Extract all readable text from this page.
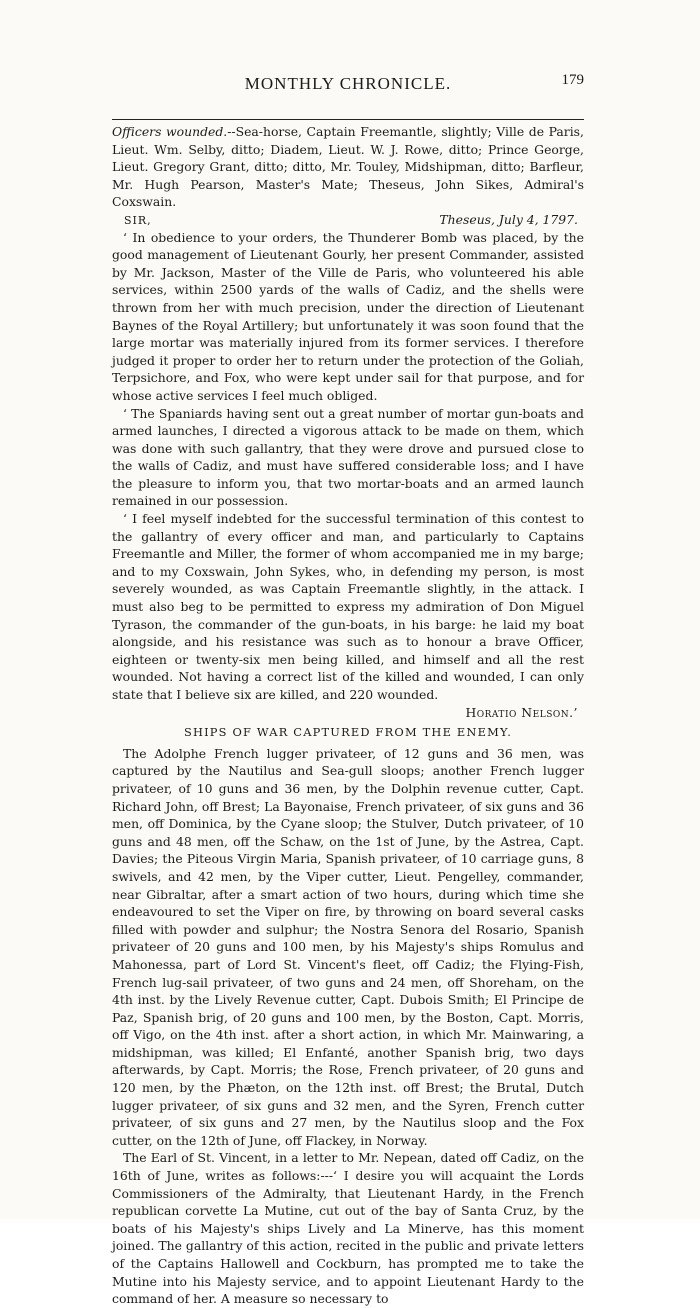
MONTHLY CHRONICLE.	179

Officers wounded.--Sea-horse, Captain Freemantle, slightly; Ville de Paris, Lieut. Wm. Selby, ditto; Diadem, Lieut. W. J. Rowe, ditto; Prince George, Lieut. Gregory Grant, ditto; ditto, Mr. Touley, Midshipman, ditto; Barfleur, Mr. Hugh Pearson, Master's Mate; Theseus, John Sikes, Admiral's Coxswain.

SIR,	Theseus, July 4, 1797.

‘ In obedience to your orders, the Thunderer Bomb was placed, by the good management of Lieutenant Gourly, her present Commander, assisted by Mr. Jackson, Master of the Ville de Paris, who volunteered his able services, within 2500 yards of the walls of Cadiz, and the shells were thrown from her with much precision, under the direction of Lieutenant Baynes of the Royal Artillery; but unfortunately it was soon found that the large mortar was materially injured from its former services. I therefore judged it proper to order her to return under the protection of the Goliah, Terpsichore, and Fox, who were kept under sail for that purpose, and for whose active services I feel much obliged.

‘ The Spaniards having sent out a great number of mortar gun-boats and armed launches, I directed a vigorous attack to be made on them, which was done with such gallantry, that they were drove and pursued close to the walls of Cadiz, and must have suffered considerable loss; and I have the pleasure to inform you, that two mortar-boats and an armed launch remained in our possession.

‘ I feel myself indebted for the successful termination of this contest to the gallantry of every officer and man, and particularly to Captains Freemantle and Miller, the former of whom accompanied me in my barge; and to my Coxswain, John Sykes, who, in defending my person, is most severely wounded, as was Captain Freemantle slightly, in the attack. I must also beg to be permitted to express my admiration of Don Miguel Tyrason, the commander of the gun-boats, in his barge: he laid my boat alongside, and his resistance was such as to honour a brave Officer, eighteen or twenty-six men being killed, and himself and all the rest wounded. Not having a correct list of the killed and wounded, I can only state that I believe six are killed, and 220 wounded.

Horatio Nelson.’

SHIPS OF WAR CAPTURED FROM THE ENEMY.

The Adolphe French lugger privateer, of 12 guns and 36 men, was captured by the Nautilus and Sea-gull sloops; another French lugger privateer, of 10 guns and 36 men, by the Dolphin revenue cutter, Capt. Richard John, off Brest; La Bayonaise, French privateer, of six guns and 36 men, off Dominica, by the Cyane sloop; the Stulver, Dutch privateer, of 10 guns and 48 men, off the Schaw, on the 1st of June, by the Astrea, Capt. Davies; the Piteous Virgin Maria, Spanish privateer, of 10 carriage guns, 8 swivels, and 42 men, by the Viper cutter, Lieut. Pengelley, commander, near Gibraltar, after a smart action of two hours, during which time she endeavoured to set the Viper on fire, by throwing on board several casks filled with powder and sulphur; the Nostra Senora del Rosario, Spanish privateer of 20 guns and 100 men, by his Majesty's ships Romulus and Mahonessa, part of Lord St. Vincent's fleet, off Cadiz; the Flying-Fish, French lug-sail privateer, of two guns and 24 men, off Shoreham, on the 4th inst. by the Lively Revenue cutter, Capt. Dubois Smith; El Principe de Paz, Spanish brig, of 20 guns and 100 men, by the Boston, Capt. Morris, off Vigo, on the 4th inst. after a short action, in which Mr. Mainwaring, a midshipman, was killed; El Enfanté, another Spanish brig, two days afterwards, by Capt. Morris; the Rose, French privateer, of 20 guns and 120 men, by the Phæton, on the 12th inst. off Brest; the Brutal, Dutch lugger privateer, of six guns and 32 men, and the Syren, French cutter privateer, of six guns and 27 men, by the Nautilus sloop and the Fox cutter, on the 12th of June, off Flackey, in Norway.

The Earl of St. Vincent, in a letter to Mr. Nepean, dated off Cadiz, on the 16th of June, writes as follows:---‘ I desire you will acquaint the Lords Commissioners of the Admiralty, that Lieutenant Hardy, in the French republican corvette La Mutine, cut out of the bay of Santa Cruz, by the boats of his Majesty's ships Lively and La Minerve, has this moment joined. The gallantry of this action, recited in the public and private letters of the Captains Hallowell and Cockburn, has prompted me to take the Mutine into his Majesty service, and to appoint Lieutenant Hardy to the command of her. A measure so necessary to
